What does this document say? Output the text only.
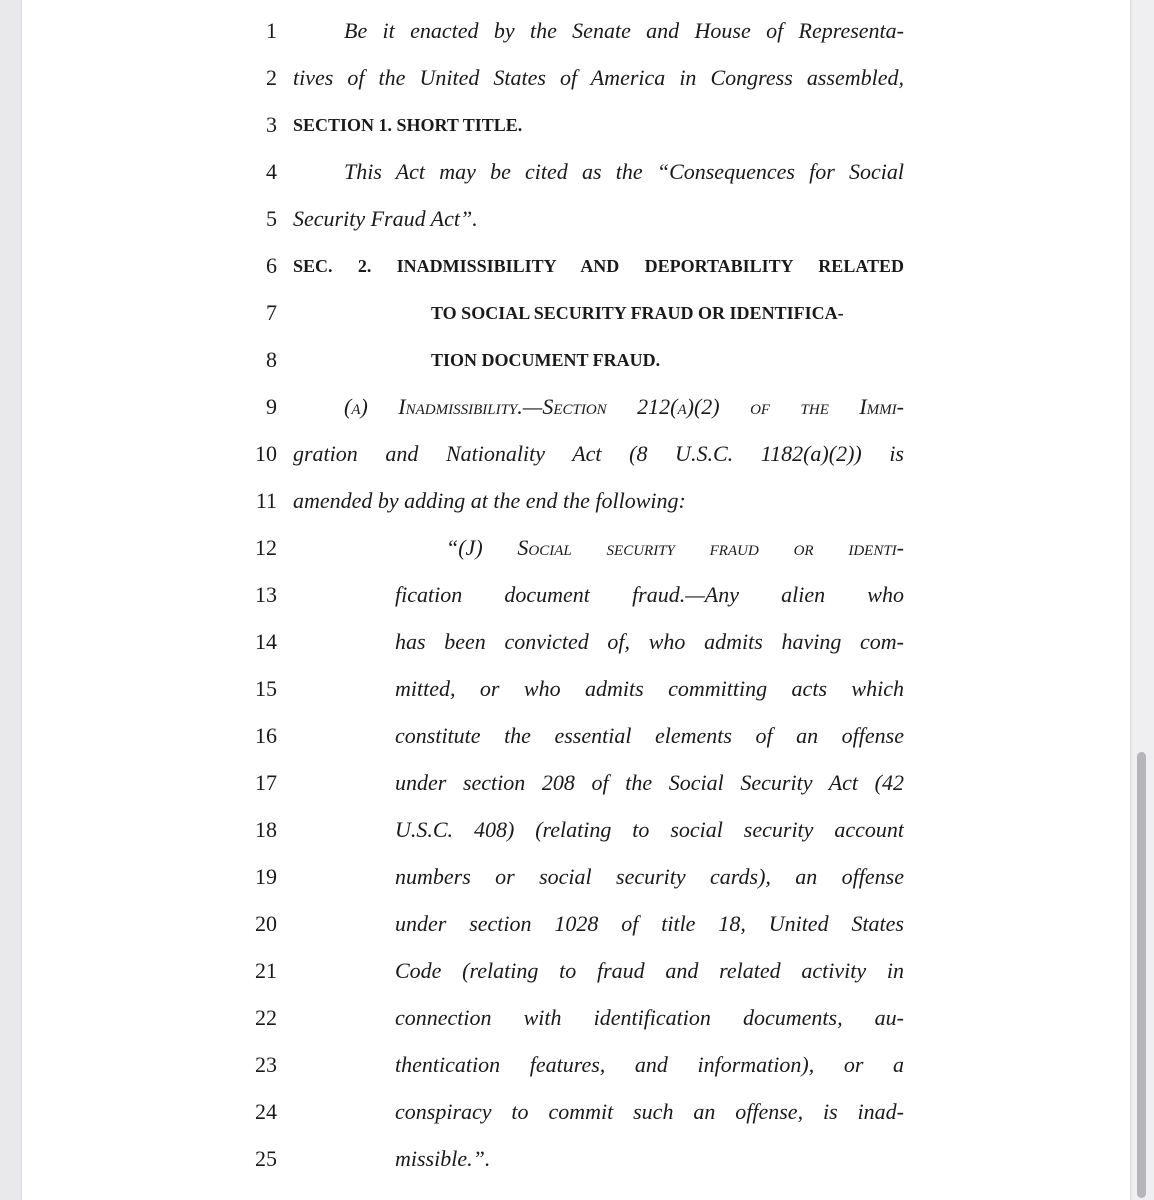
1	Be it enacted by the Senate and House of Representa-
2 tives of the United States of America in Congress assembled,
3 SECTION 1. SHORT TITLE.
4	This Act may be cited as the “Consequences for Social
5 Security Fraud Act”.
6 SEC. 2. INADMISSIBILITY AND DEPORTABILITY RELATED
7	TO SOCIAL SECURITY FRAUD OR IDENTIFICA-
8	TION DOCUMENT FRAUD.
9	(a) Inadmissibility.—Section 212(a)(2) of the Immi-
10 gration and Nationality Act (8 U.S.C. 1182(a)(2)) is
11 amended by adding at the end the following:
12	“(J) Social security fraud or identi-
13	fication document fraud.—Any alien who
14	has been convicted of, who admits having com-
15	mitted, or who admits committing acts which
16	constitute the essential elements of an offense
17	under section 208 of the Social Security Act (42
18	U.S.C. 408) (relating to social security account
19	numbers or social security cards), an offense
20	under section 1028 of title 18, United States
21	Code (relating to fraud and related activity in
22	connection with identification documents, au-
23	thentication features, and information), or a
24	conspiracy to commit such an offense, is inad-
25	missible.”.
